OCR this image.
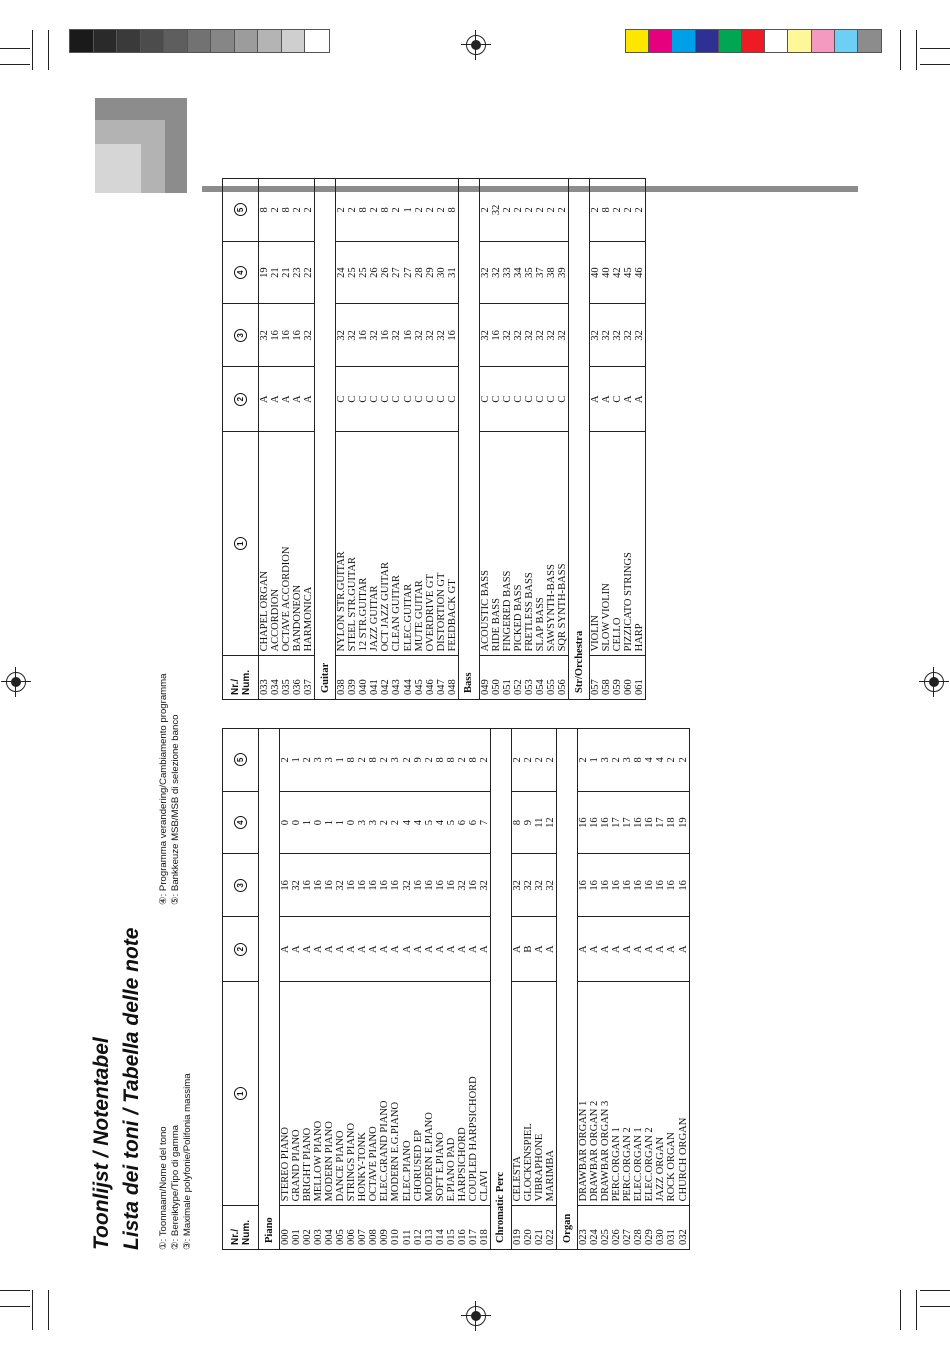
Toonlijst / Notentabel Lista dei toni / Tabella delle note ①: Toonnaam/Nome del tono ②: Bereiktype/Tipo di gamma ③: Maximale polyfonie/Polifonia massima
④: Programma verandering/Cambiamento programma ⑤: Bankkeuze MSB/MSB di selezione banco
Nr./ Num.	1	2	3	4	5
Piano					
000	STEREO PIANO	A	16	0	2
001	GRAND PIANO	A	32	0	1
002	BRIGHT PIANO	A	16	1	2
003	MELLOW PIANO	A	16	0	3
004	MODERN PIANO	A	16	1	3
005	DANCE PIANO	A	32	1	1
006	STRINGS PIANO	A	16	0	8
007	HONKY-TONK	A	16	3	2
008	OCTAVE PIANO	A	16	3	8
009	ELEC.GRAND PIANO	A	16	2	2
010	MODERN E.G.PIANO	A	16	2	3
011	ELEC.PIANO	A	32	4	2
012	CHORUSED EP	A	16	4	9
013	MODERN E.PIANO	A	16	5	2
014	SOFT E.PIANO	A	16	4	8
015	E.PIANO PAD	A	16	5	8
016	HARPSICHORD	A	32	6	2
017	COUPLED HARPSICHORD	A	16	6	8
018	CLAVI	A	32	7	2
Chromatic Perc					
019	CELESTA	A	32	8	2
020	GLOCKENSPIEL	B	32	9	2
021	VIBRAPHONE	A	32	11	2
022	MARIMBA	A	32	12	2
Organ					
023	DRAWBAR ORGAN 1	A	16	16	2
024	DRAWBAR ORGAN 2	A	16	16	1
025	DRAWBAR ORGAN 3	A	16	16	3
026	PERC.ORGAN 1	A	16	17	2
027	PERC.ORGAN 2	A	16	17	3
028	ELEC.ORGAN 1	A	16	16	8
029	ELEC.ORGAN 2	A	16	16	4
030	JAZZ ORGAN	A	16	17	4
031	ROCK ORGAN	A	16	18	2
032	CHURCH ORGAN	A	16	19	2
Nr./ Num.	1	2	3	4	5
033	CHAPEL ORGAN	A	32	19	8
034	ACCORDION	A	16	21	2
035	OCTAVE ACCORDION	A	16	21	8
036	BANDONEON	A	16	23	2
037	HARMONICA	A	32	22	2
Guitar					
038	NYLON STR.GUITAR	C	32	24	2
039	STEEL STR.GUITAR	C	32	25	2
040	12 STR.GUITAR	C	16	25	8
041	JAZZ GUITAR	C	32	26	2
042	OCT JAZZ GUITAR	C	16	26	8
043	CLEAN GUITAR	C	32	27	2
044	ELEC.GUITAR	C	16	27	1
045	MUTE GUITAR	C	32	28	2
046	OVERDRIVE GT	C	32	29	2
047	DISTORTION GT	C	32	30	2
048	FEEDBACK GT	C	16	31	8
Bass					
049	ACOUSTIC BASS	C	32	32	2
050	RIDE BASS	C	16	32	32
051	FINGERED BASS	C	32	33	2
052	PICKED BASS	C	32	34	2
053	FRETLESS BASS	C	32	35	2
054	SLAP BASS	C	32	37	2
055	SAWSYNTH-BASS	C	32	38	2
056	SQR SYNTH-BASS	C	32	39	2
Str/Orchestra					
057	VIOLIN	A	32	40	2
058	SLOW VIOLIN	A	32	40	8
059	CELLO	C	32	42	2
060	PIZZICATO STRINGS	A	32	45	2
061	HARP	A	32	46	2
